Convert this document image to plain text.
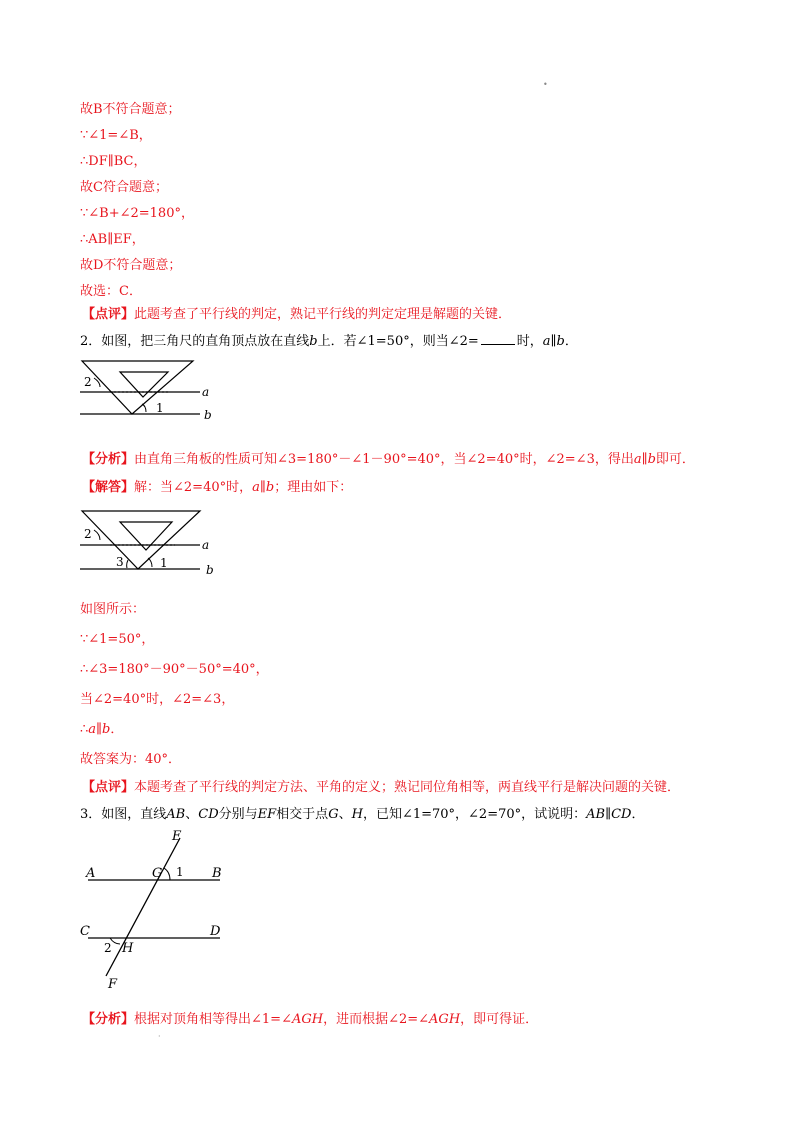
•
故B不符合题意；
∵∠1=∠B，
∴DF∥BC，
故C符合题意；
∵∠B+∠2=180°，
∴AB∥EF，
故D不符合题意；
故选：C．
【点评】此题考查了平行线的判定，熟记平行线的判定定理是解题的关键．
2．如图，把三角尺的直角顶点放在直线b上．若∠1=50°，则当∠2=	时，a∥b．
2
1
a
b
【分析】由直角三角板的性质可知∠3=180°－∠1－90°=40°，当∠2=40°时，∠2=∠3，得出a∥b即可．
【解答】解：当∠2=40°时，a∥b；理由如下：
2
3	1
a
b
如图所示：
∵∠1=50°，
∴∠3=180°－90°－50°=40°，
当∠2=40°时，∠2=∠3，
∴a∥b．
故答案为：40°．
【点评】本题考查了平行线的判定方法、平角的定义；熟记同位角相等，两直线平行是解决问题的关键．
3．如图，直线AB、CD分别与EF相交于点G、H，已知∠1=70°，∠2=70°，试说明：AB∥CD．
E
A	G 1 B
C	D
2 H
F
【分析】根据对顶角相等得出∠1=∠AGH，进而根据∠2=∠AGH，即可得证．
·
